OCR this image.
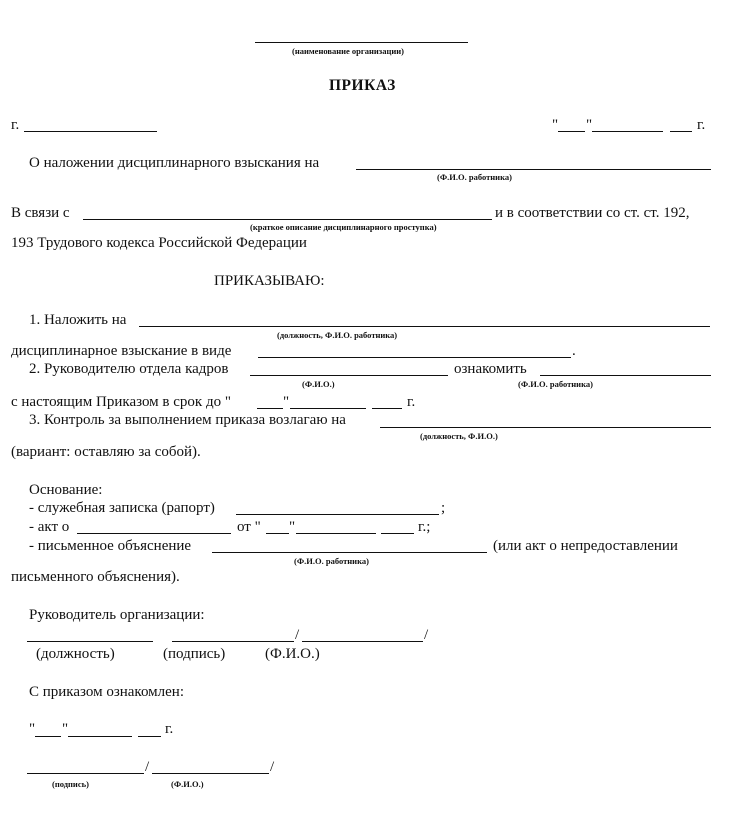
(наименование организации)
ПРИКАЗ
г.	" "	г.
О наложении дисциплинарного взыскания на
(Ф.И.О. работника)
В связи с
(краткое описание дисциплинарного проступка)
и в соответствии со ст. ст. 192,
193 Трудового кодекса Российской Федерации
ПРИКАЗЫВАЮ:
1. Наложить на
(должность, Ф.И.О. работника)
дисциплинарное взыскание в виде	.
2. Руководителю отдела кадров
(Ф.И.О.)
ознакомить
(Ф.И.О. работника)
с настоящим Приказом в срок до "	"	г.
3. Контроль за выполнением приказа возлагаю на
(должность, Ф.И.О.)
(вариант: оставляю за собой).
Основание:
- служебная записка (рапорт)	;
- акт о	от " "	г.;
- письменное объяснение
(Ф.И.О. работника)
(или акт о непредоставлении
письменного объяснения).
Руководитель организации:
/	/
(должность)	(подпись)	(Ф.И.О.)
С приказом ознакомлен:
" "	г.
/	/
(подпись)	(Ф.И.О.)
